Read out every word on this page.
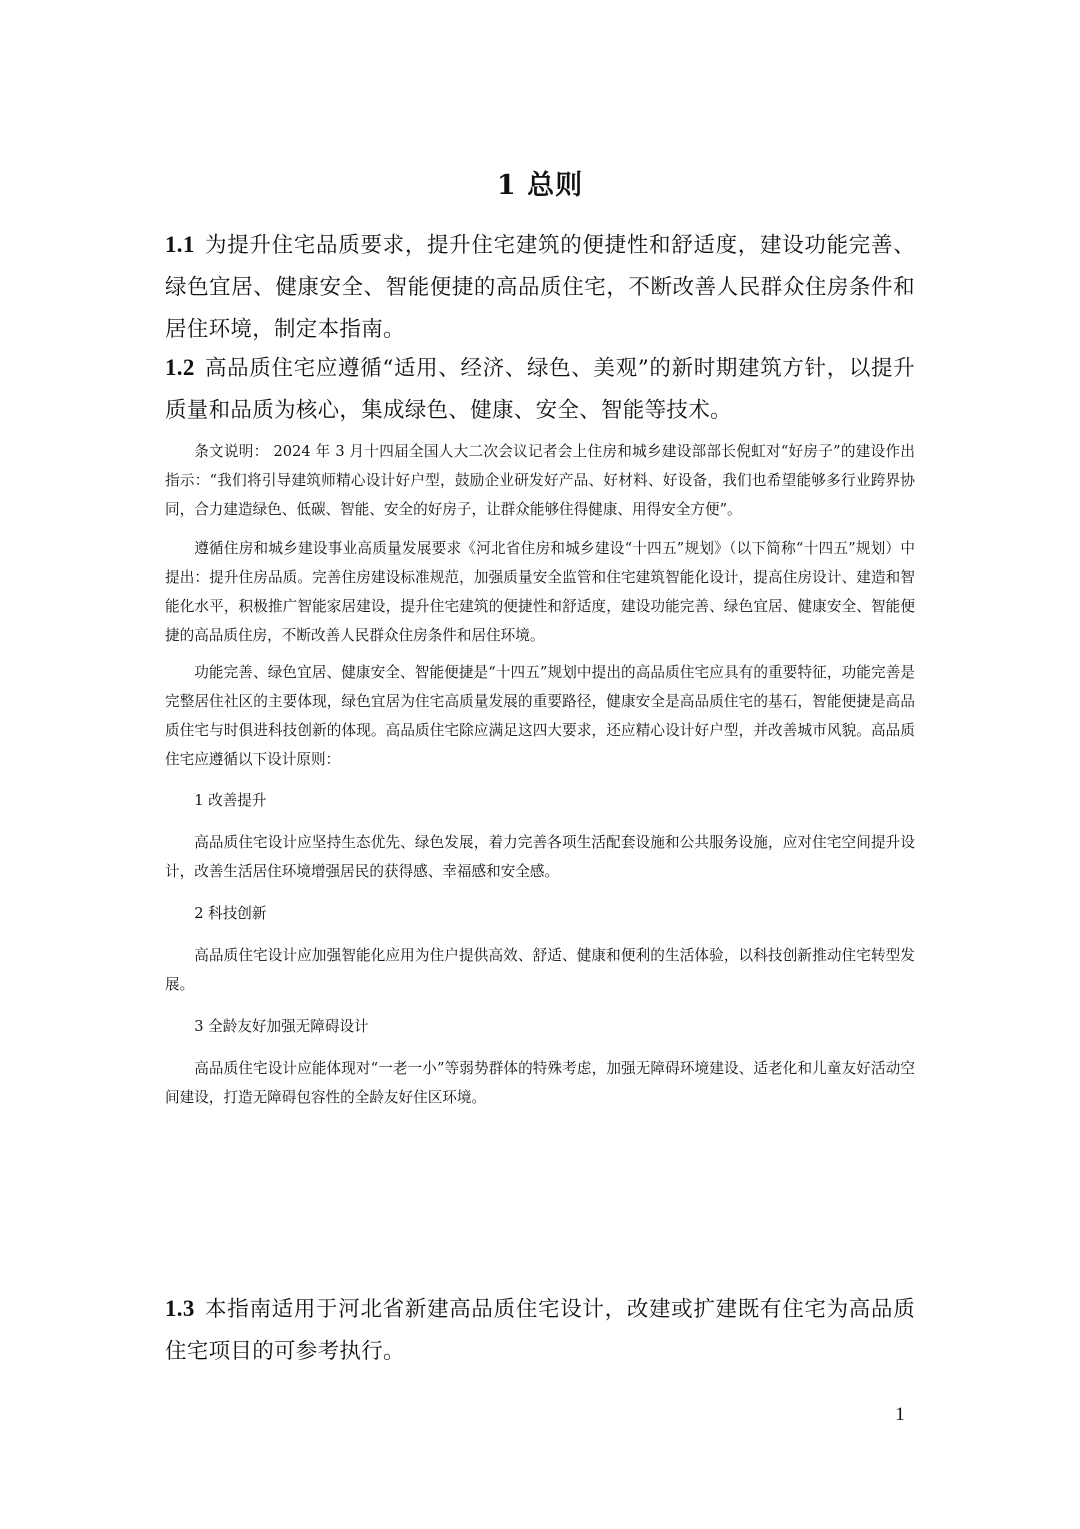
1 总则
1.1 为提升住宅品质要求，提升住宅建筑的便捷性和舒适度，建设功能完善、绿色宜居、健康安全、智能便捷的高品质住宅，不断改善人民群众住房条件和居住环境，制定本指南。
1.2 高品质住宅应遵循“适用、经济、绿色、美观”的新时期建筑方针，以提升质量和品质为核心，集成绿色、健康、安全、智能等技术。

条文说明： 2024 年 3 月十四届全国人大二次会议记者会上住房和城乡建设部部长倪虹对“好房子”的建设作出指示：“我们将引导建筑师精心设计好户型，鼓励企业研发好产品、好材料、好设备，我们也希望能够多行业跨界协同，合力建造绿色、低碳、智能、安全的好房子，让群众能够住得健康、用得安全方便”。

遵循住房和城乡建设事业高质量发展要求《河北省住房和城乡建设“十四五”规划》（以下简称“十四五”规划）中提出：提升住房品质。完善住房建设标准规范，加强质量安全监管和住宅建筑智能化设计，提高住房设计、建造和智能化水平，积极推广智能家居建设，提升住宅建筑的便捷性和舒适度，建设功能完善、绿色宜居、健康安全、智能便捷的高品质住房，不断改善人民群众住房条件和居住环境。

功能完善、绿色宜居、健康安全、智能便捷是“十四五”规划中提出的高品质住宅应具有的重要特征，功能完善是完整居住社区的主要体现，绿色宜居为住宅高质量发展的重要路径，健康安全是高品质住宅的基石，智能便捷是高品质住宅与时俱进科技创新的体现。高品质住宅除应满足这四大要求，还应精心设计好户型，并改善城市风貌。高品质住宅应遵循以下设计原则：

1 改善提升

高品质住宅设计应坚持生态优先、绿色发展，着力完善各项生活配套设施和公共服务设施，应对住宅空间提升设计，改善生活居住环境增强居民的获得感、幸福感和安全感。

2 科技创新

高品质住宅设计应加强智能化应用为住户提供高效、舒适、健康和便利的生活体验，以科技创新推动住宅转型发展。

3 全龄友好加强无障碍设计

高品质住宅设计应能体现对“一老一小”等弱势群体的特殊考虑，加强无障碍环境建设、适老化和儿童友好活动空间建设，打造无障碍包容性的全龄友好住区环境。

1.3 本指南适用于河北省新建高品质住宅设计，改建或扩建既有住宅为高品质住宅项目的可参考执行。
1
